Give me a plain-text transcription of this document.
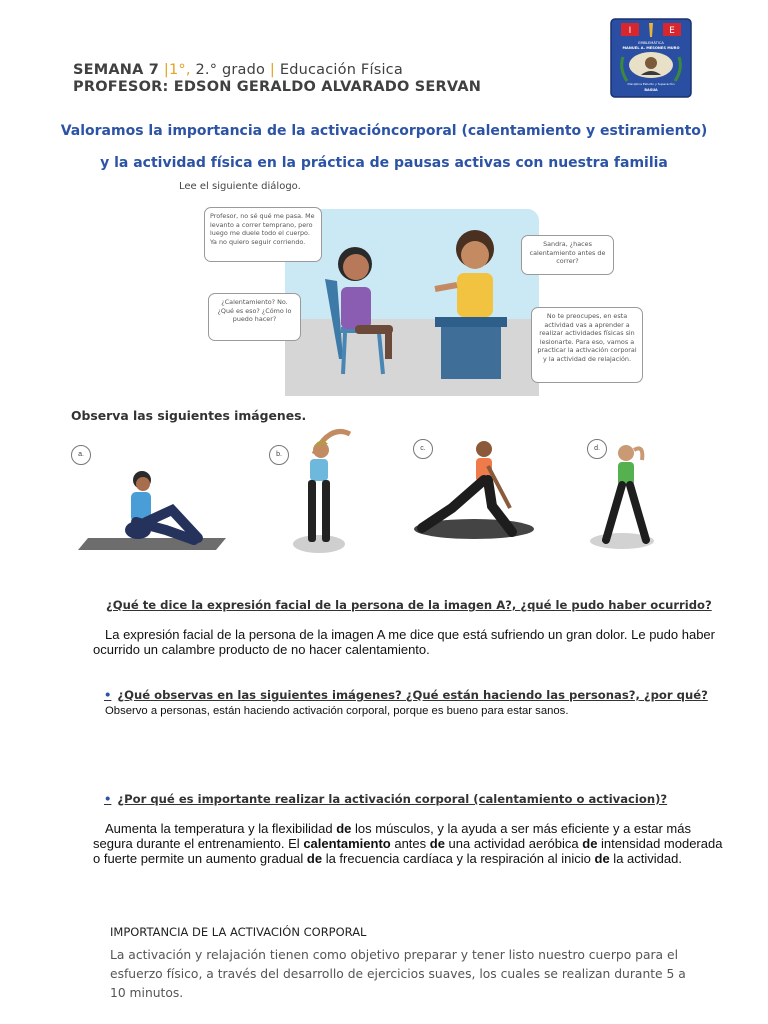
SEMANA 7 |1°, 2.° grado | Educación Física
PROFESOR: EDSON GERALDO ALVARADO SERVAN
I	E
EMBLEMÁTICA
MANUEL A. MESONES MURO
Disciplina Estudio y Superación
BAGUA
Valoramos la importancia de la activacióncorporal (calentamiento y estiramiento)
y la actividad física en la práctica de pausas activas con nuestra familia
Lee el siguiente diálogo.
Profesor, no sé qué me pasa. Me levanto a correr temprano, pero luego me duele todo el cuerpo. Ya no quiero seguir corriendo.	Sandra, ¿haces calentamiento antes de correr?
¿Calentamiento? No. ¿Qué es eso? ¿Cómo lo puedo hacer?	No te preocupes, en esta actividad vas a aprender a realizar actividades físicas sin lesionarte. Para eso, vamos a practicar la activación corporal y la actividad de relajación.
Observa las siguientes imágenes.
a.	b.
c.	d.
¿Qué te dice la expresión facial de la persona de la imagen A?, ¿qué le pudo haber ocurrido?
La expresión facial de la persona de la imagen A me dice que está sufriendo un gran dolor. Le pudo haber ocurrido un calambre producto de no hacer calentamiento.
• ¿Qué observas en las siguientes imágenes? ¿Qué están haciendo las personas?, ¿por qué?
Observo a personas, están haciendo activación corporal, porque es bueno para estar sanos.
• ¿Por qué es importante realizar la activación corporal (calentamiento o activacion)?
Aumenta la temperatura y la flexibilidad de los músculos, y la ayuda a ser más eficiente y a estar más segura durante el entrenamiento. El calentamiento antes de una actividad aeróbica de intensidad moderada o fuerte permite un aumento gradual de la frecuencia cardíaca y la respiración al inicio de la actividad.
IMPORTANCIA DE LA ACTIVACIÓN CORPORAL
La activación y relajación tienen como objetivo preparar y tener listo nuestro cuerpo para el esfuerzo físico, a través del desarrollo de ejercicios suaves, los cuales se realizan durante 5 a 10 minutos.
